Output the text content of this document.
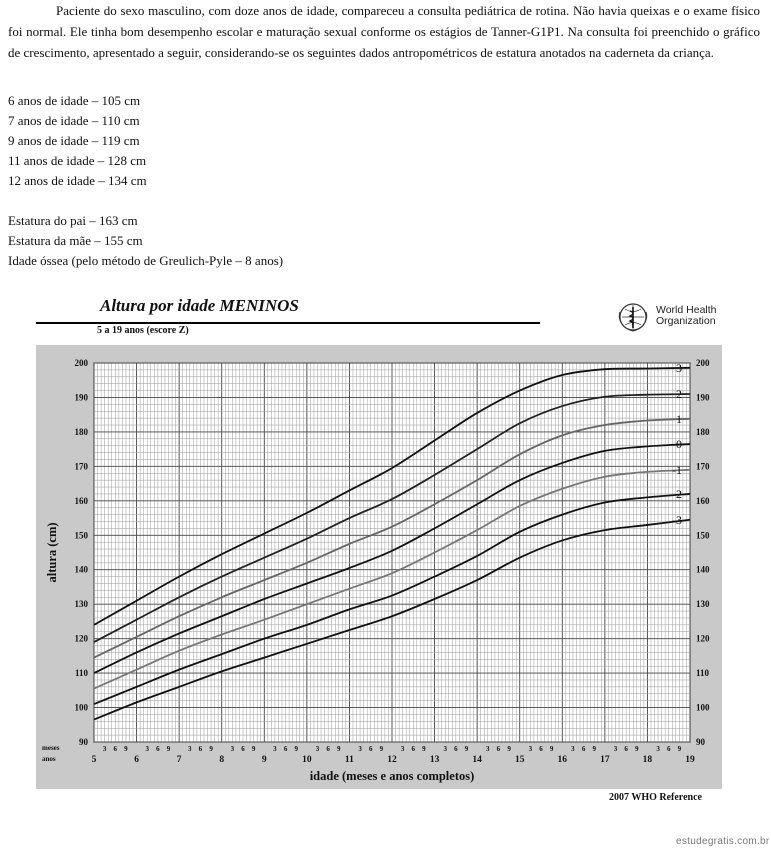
Paciente do sexo masculino, com doze anos de idade, compareceu a consulta pediátrica de rotina. Não havia queixas e o exame físico foi normal. Ele tinha bom desempenho escolar e maturação sexual conforme os estágios de Tanner-G1P1. Na consulta foi preenchido o gráfico de crescimento, apresentado a seguir, considerando-se os seguintes dados antropométricos de estatura anotados na caderneta da criança.

6 anos de idade – 105 cm
7 anos de idade – 110 cm
9 anos de idade – 119 cm
11 anos de idade – 128 cm
12 anos de idade – 134 cm
Estatura do pai – 163 cm
Estatura da mãe – 155 cm
Idade óssea (pelo método de Greulich-Pyle – 8 anos)
Altura por idade MENINOS
5 a 19 anos (escore Z)
World Health
Organization
90	90
100	100
110	110
120	120
130	130
140	140
150	150
160	160
170	170
180	180
190	190
200	200
3 6 9	3 6 9	3 6 9	3 6 9	3 6 9	3 6 9	3 6 9	3 6 9	3 6 9	3 6 9	3 6 9	3 6 9	3 6 9	3 6 9
5	6	7	8	9	10	11	12	13	14	15	16	17	18	19
meses
anos
idade (meses e anos completos)
altura (cm)
3
2
1
0
-1
-2
-3
2007 WHO Reference
estudegratis.com.br
